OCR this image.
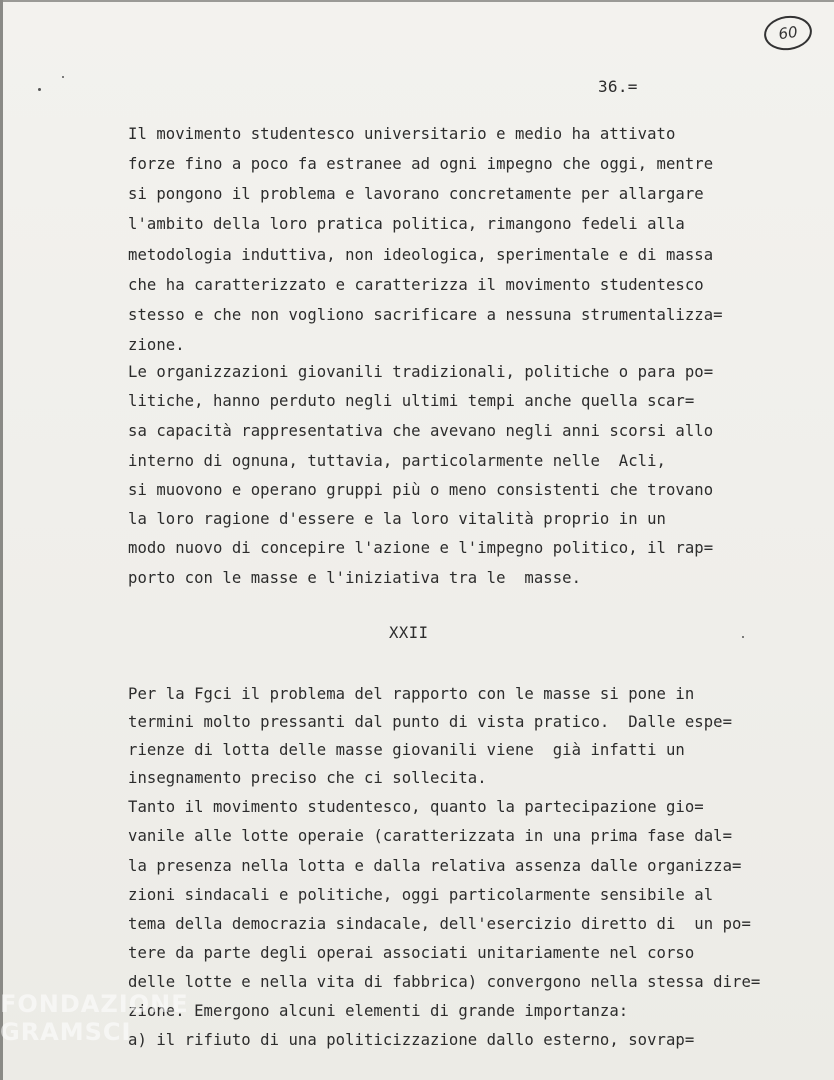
60
36.=
Il movimento studentesco universitario e medio ha attivato
forze fino a poco fa estranee ad ogni impegno che oggi, mentre
si pongono il problema e lavorano concretamente per allargare
l'ambito della loro pratica politica, rimangono fedeli alla
metodologia induttiva, non ideologica, sperimentale e di massa
che ha caratterizzato e caratterizza il movimento studentesco
stesso e che non vogliono sacrificare a nessuna strumentalizza=
zione.
Le organizzazioni giovanili tradizionali, politiche o para po=
litiche, hanno perduto negli ultimi tempi anche quella scar=
sa capacità rappresentativa che avevano negli anni scorsi allo
interno di ognuna, tuttavia, particolarmente nelle  Acli,
si muovono e operano gruppi più o meno consistenti che trovano
la loro ragione d'essere e la loro vitalità proprio in un
modo nuovo di concepire l'azione e l'impegno politico, il rap=
porto con le masse e l'iniziativa tra le  masse.
XXII
Per la Fgci il problema del rapporto con le masse si pone in
termini molto pressanti dal punto di vista pratico.  Dalle espe=
rienze di lotta delle masse giovanili viene  già infatti un
insegnamento preciso che ci sollecita.
Tanto il movimento studentesco, quanto la partecipazione gio=
vanile alle lotte operaie (caratterizzata in una prima fase dal=
la presenza nella lotta e dalla relativa assenza dalle organizza=
zioni sindacali e politiche, oggi particolarmente sensibile al
tema della democrazia sindacale, dell'esercizio diretto di  un po=
tere da parte degli operai associati unitariamente nel corso
delle lotte e nella vita di fabbrica) convergono nella stessa dire=
zione. Emergono alcuni elementi di grande importanza:
a) il rifiuto di una politicizzazione dallo esterno, sovrap=
FONDAZIONE GRAMSCI
